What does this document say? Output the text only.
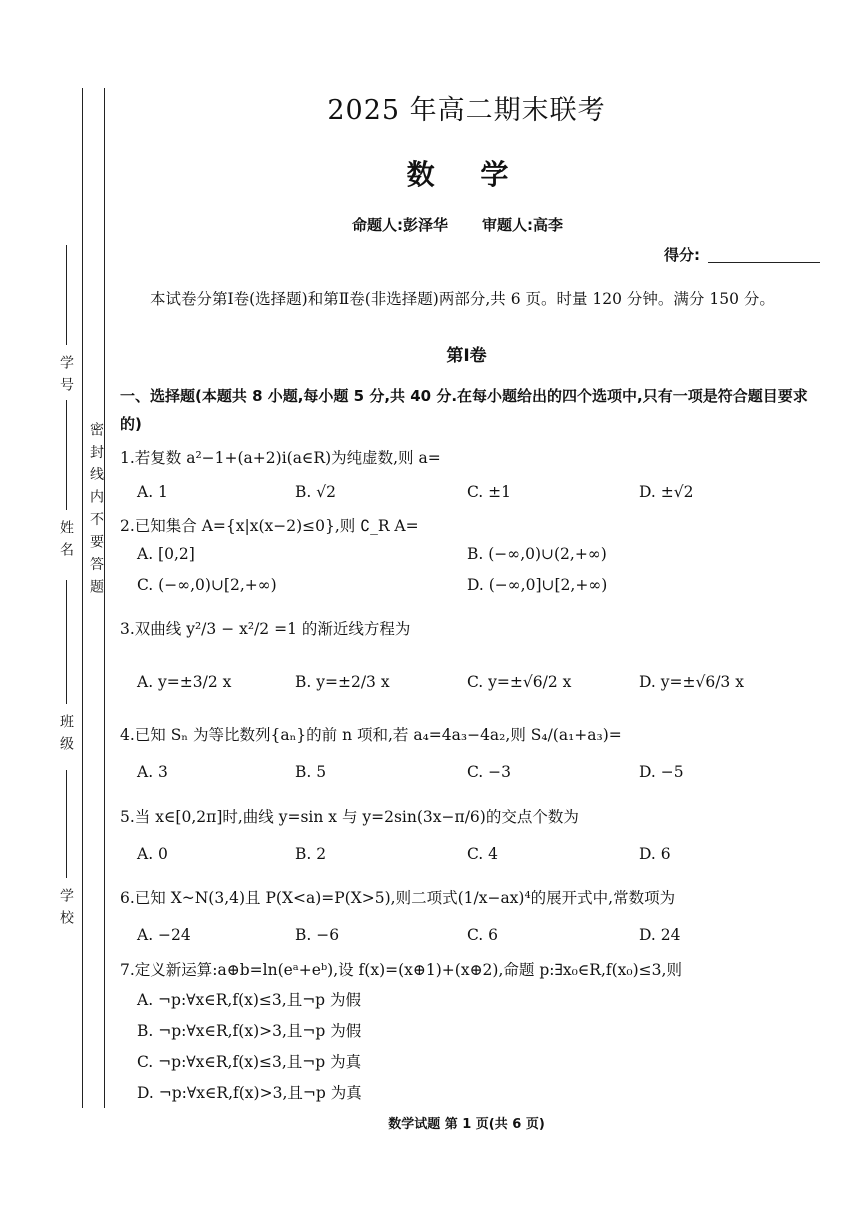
密 封 线 内 不 要 答 题
学号
姓名
班级
学校
2025 年高二期末联考
数 学
命题人:彭泽华 审题人:高李
得分:
本试卷分第Ⅰ卷(选择题)和第Ⅱ卷(非选择题)两部分,共 6 页。时量 120 分钟。满分 150 分。
第Ⅰ卷
一、选择题(本题共 8 小题,每小题 5 分,共 40 分.在每小题给出的四个选项中,只有一项是符合题目要求的)
1.若复数 a²−1+(a+2)i(a∈R)为纯虚数,则 a=
A. 1	B. √2	C. ±1	D. ±√2
2.已知集合 A={x|x(x−2)≤0},则 ∁_R A=
A. [0,2]	B. (−∞,0)∪(2,+∞)
C. (−∞,0)∪[2,+∞)	D. (−∞,0]∪[2,+∞)
3.双曲线 y²/3 − x²/2 =1 的渐近线方程为
A. y=±3/2 x	B. y=±2/3 x	C. y=±√6/2 x	D. y=±√6/3 x
4.已知 Sₙ 为等比数列{aₙ}的前 n 项和,若 a₄=4a₃−4a₂,则 S₄/(a₁+a₃)=
A. 3	B. 5	C. −3	D. −5
5.当 x∈[0,2π]时,曲线 y=sin x 与 y=2sin(3x−π/6)的交点个数为
A. 0	B. 2	C. 4	D. 6
6.已知 X~N(3,4)且 P(X<a)=P(X>5),则二项式(1/x−ax)⁴的展开式中,常数项为
A. −24	B. −6	C. 6	D. 24
7.定义新运算:a⊕b=ln(eᵃ+eᵇ),设 f(x)=(x⊕1)+(x⊕2),命题 p:∃x₀∈R,f(x₀)≤3,则
A. ¬p:∀x∈R,f(x)≤3,且¬p 为假
B. ¬p:∀x∈R,f(x)>3,且¬p 为假
C. ¬p:∀x∈R,f(x)≤3,且¬p 为真
D. ¬p:∀x∈R,f(x)>3,且¬p 为真
数学试题 第 1 页(共 6 页)
